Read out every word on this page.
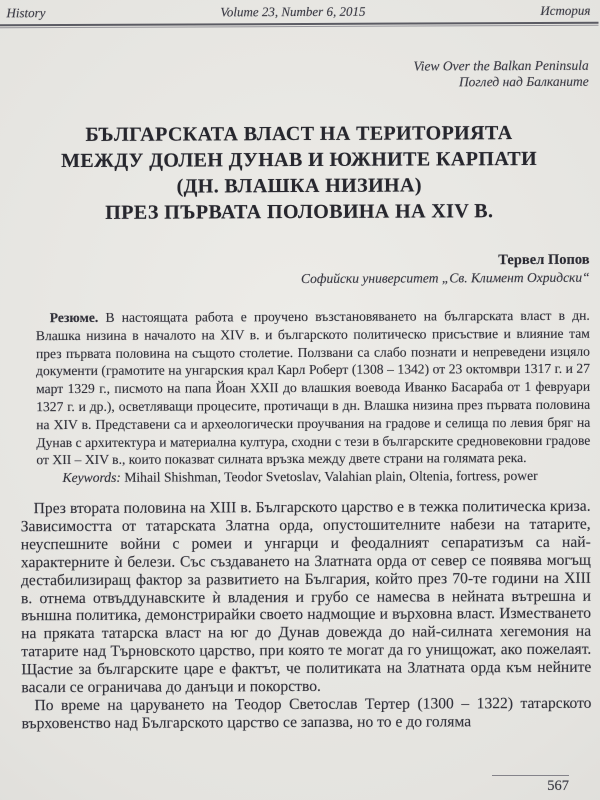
History	Volume 23, Number 6, 2015	История
View Over the Balkan Peninsula
Поглед над Балканите
БЪЛГАРСКАТА ВЛАСТ НА ТЕРИТОРИЯТА
МЕЖДУ ДОЛЕН ДУНАВ И ЮЖНИТЕ КАРПАТИ
(ДН. ВЛАШКА НИЗИНА)
ПРЕЗ ПЪРВАТА ПОЛОВИНА НА XIV В.
Тервел Попов
Софийски университет „Св. Климент Охридски“

Резюме. В настоящата работа е проучено възстановяването на българската власт в дн. Влашка низина в началото на XIV в. и българското политическо присъствие и влияние там през първата половина на същото столетие. Ползвани са слабо познати и непреведени изцяло документи (грамотите на унгарския крал Карл Роберт (1308 – 1342) от 23 октомври 1317 г. и 27 март 1329 г., писмото на папа Йоан XXII до влашкия воевода Иванко Басараба от 1 февруари 1327 г. и др.), осветляващи процесите, протичащи в дн. Влашка низина през първата половина на XIV в. Представени са и археологически проучвания на градове и селища по левия бряг на Дунав с архитектура и материална култура, сходни с тези в българските средновековни градове от XII – XIV в., които показват силната връзка между двете страни на голямата река.

Keywords: Mihail Shishman, Teodor Svetoslav, Valahian plain, Oltenia, fortress, power

През втората половина на XIII в. Българското царство е в тежка политическа криза. Зависимостта от татарската Златна орда, опустошителните набези на татарите, неуспешните войни с ромеи и унгарци и феодалният сепаратизъм са най-характерните ѝ белези. Със създаването на Златната орда от север се появява могъщ дестабилизиращ фактор за развитието на България, който през 70-те години на XIII в. отнема отвъддунавските ѝ владения и грубо се намесва в нейната вътрешна и външна политика, демонстрирайки своето надмощие и върховна власт. Изместването на пряката татарска власт на юг до Дунав довежда до най-силната хегемония на татарите над Търновското царство, при която те могат да го унищожат, ако пожелаят. Щастие за българските царе е фактът, че политиката на Златната орда към нейните васали се ограничава до данъци и покорство.

По време на царуването на Теодор Светослав Тертер (1300 – 1322) татарското върховенство над Българското царство се запазва, но то е до голяма

567
